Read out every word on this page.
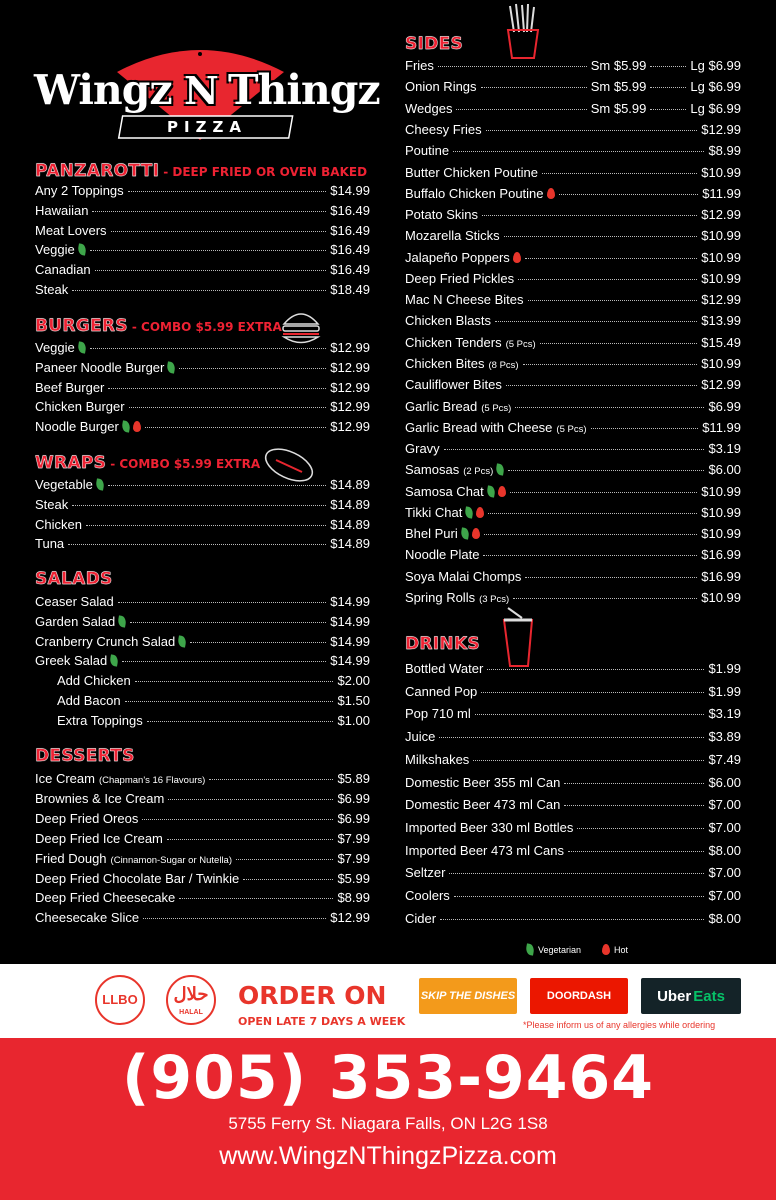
Wingz N Thingz
PIZZA
PANZAROTTI - DEEP FRIED OR OVEN BAKED
Any 2 Toppings	$14.99
Hawaiian	$16.49
Meat Lovers	$16.49
Veggie	$16.49
Canadian	$16.49
Steak	$18.49
BURGERS - COMBO $5.99 EXTRA
Veggie	$12.99
Paneer Noodle Burger	$12.99
Beef Burger	$12.99
Chicken Burger	$12.99
Noodle Burger	$12.99
WRAPS - COMBO $5.99 EXTRA
Vegetable	$14.89
Steak	$14.89
Chicken	$14.89
Tuna	$14.89
SALADS
Ceaser Salad	$14.99
Garden Salad	$14.99
Cranberry Crunch Salad	$14.99
Greek Salad	$14.99
Add Chicken	$2.00
Add Bacon	$1.50
Extra Toppings	$1.00
DESSERTS
Ice Cream (Chapman's 16 Flavours)	$5.89
Brownies & Ice Cream	$6.99
Deep Fried Oreos	$6.99
Deep Fried Ice Cream	$7.99
Fried Dough (Cinnamon-Sugar or Nutella)	$7.99
Deep Fried Chocolate Bar / Twinkie	$5.99
Deep Fried Cheesecake	$8.99
Cheesecake Slice	$12.99
SIDES
Fries	Sm $5.99	Lg $6.99
Onion Rings	Sm $5.99	Lg $6.99
Wedges	Sm $5.99	Lg $6.99
Cheesy Fries	$12.99
Poutine	$8.99
Butter Chicken Poutine	$10.99
Buffalo Chicken Poutine	$11.99
Potato Skins	$12.99
Mozarella Sticks	$10.99
Jalapeño Poppers	$10.99
Deep Fried Pickles	$10.99
Mac N Cheese Bites	$12.99
Chicken Blasts	$13.99
Chicken Tenders (5 Pcs)	$15.49
Chicken Bites (8 Pcs)	$10.99
Cauliflower Bites	$12.99
Garlic Bread (5 Pcs)	$6.99
Garlic Bread with Cheese (5 Pcs)	$11.99
Gravy	$3.19
Samosas (2 Pcs)	$6.00
Samosa Chat	$10.99
Tikki Chat	$10.99
Bhel Puri	$10.99
Noodle Plate	$16.99
Soya Malai Chomps	$16.99
Spring Rolls (3 Pcs)	$10.99
DRINKS
Bottled Water	$1.99
Canned Pop	$1.99
Pop 710 ml	$3.19
Juice	$3.89
Milkshakes	$7.49
Domestic Beer 355 ml Can	$6.00
Domestic Beer 473 ml Can	$7.00
Imported Beer 330 ml Bottles	$7.00
Imported Beer 473 ml Cans	$8.00
Seltzer	$7.00
Coolers	$7.00
Cider	$8.00
Vegetarian	Hot
LLBO	حلال
HALAL
ORDER ON
OPEN LATE 7 DAYS A WEEK
SKIP THE DISHES	DOORDASH	Uber Eats
*Please inform us of any allergies while ordering
(905) 353-9464
5755 Ferry St. Niagara Falls, ON L2G 1S8
www.WingzNThingzPizza.com
